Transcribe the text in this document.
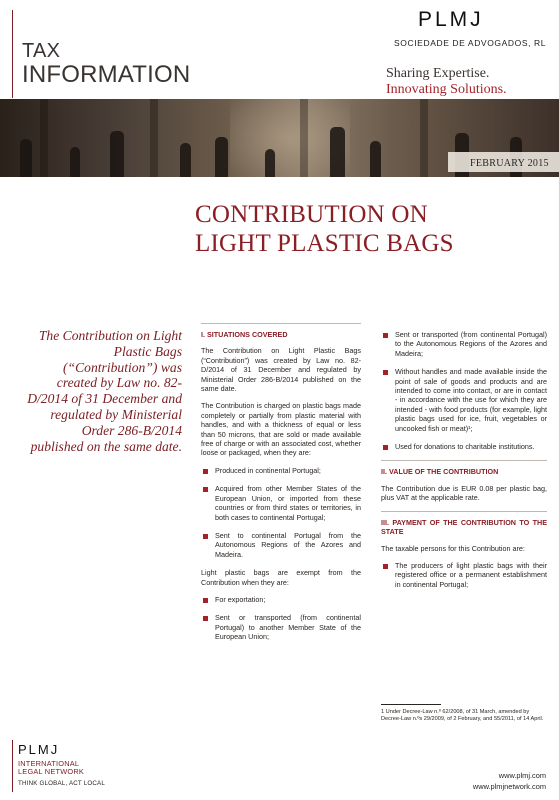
TAX
INFORMATION
PLMJ
SOCIEDADE DE ADVOGADOS, RL
Sharing Expertise.
Innovating Solutions.
FEBRUARY 2015
CONTRIBUTION ON
LIGHT PLASTIC BAGS
The Contribution on Light Plastic Bags (“Contribution”) was created by Law no. 82-D/2014 of 31 December and regulated by Ministerial Order 286-B/2014 published on the same date.
I. SITUATIONS COVERED

The Contribution on Light Plastic Bags (“Contribution”) was created by Law no. 82-D/2014 of 31 December and regulated by Ministerial Order 286-B/2014 published on the same date.

The Contribution is charged on plastic bags made completely or partially from plastic material with handles, and with a thickness of equal or less than 50 microns, that are sold or made available free of charge or with an associated cost, whether loose or packaged, when they are:

Produced in continental Portugal;
Acquired from other Member States of the European Union, or imported from these countries or from third states or territories, in both cases to continental Portugal;
Sent to continental Portugal from the Autonomous Regions of the Azores and Madeira.

Light plastic bags are exempt from the Contribution when they are:

For exportation;
Sent or transported (from continental Portugal) to another Member State of the European Union;
Sent or transported (from continental Portugal) to the Autonomous Regions of the Azores and Madeira;
Without handles and made available inside the point of sale of goods and products and are intended to come into contact, or are in contact - in accordance with the use for which they are intended - with food products (for example, light plastic bags used for ice, fruit, vegetables or uncooked fish or meat)¹;
Used for donations to charitable institutions.
II. VALUE OF THE CONTRIBUTION

The Contribution due is EUR 0.08 per plastic bag, plus VAT at the applicable rate.

III. PAYMENT OF THE CONTRIBUTION TO THE STATE

The taxable persons for this Contribution are:

The producers of light plastic bags with their registered office or a permanent establishment in continental Portugal;
1 Under Decree-Law n.º 62/2008, of 31 March, amended by Decree-Law n.ºs 29/2009, of 2 February, and 55/2011, of 14 April.
PLMJ
INTERNATIONAL
LEGAL NETWORK
THINK GLOBAL, ACT LOCAL
www.plmj.com
www.plmjnetwork.com
